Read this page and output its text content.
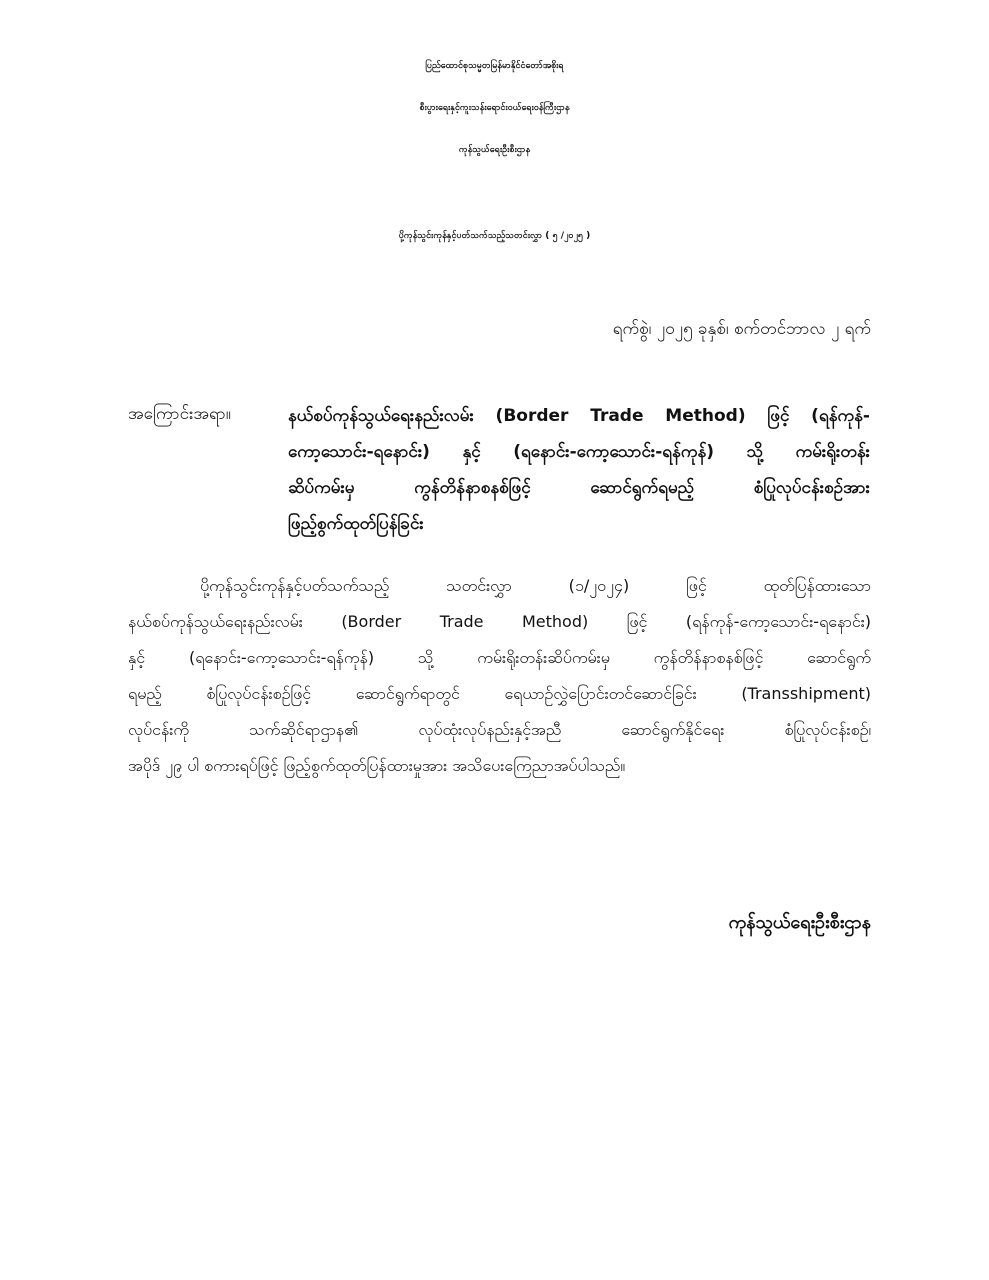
ပြည်ထောင်စုသမ္မတမြန်မာနိုင်ငံတော်အစိုးရ
စီးပွားရေးနှင့်ကူးသန်းရောင်းဝယ်ရေးဝန်ကြီးဌာန
ကုန်သွယ်ရေးဦးစီးဌာန
ပို့ကုန်သွင်းကုန်နှင့်ပတ်သက်သည့်သတင်းလွှာ ( ၅ /၂၀၂၅ )
ရက်စွဲ၊ ၂၀၂၅ ခုနှစ်၊ စက်တင်ဘာလ ၂ ရက်
အကြောင်းအရာ။	နယ်စပ်ကုန်သွယ်ရေးနည်းလမ်း (Border Trade Method) ဖြင့် (ရန်ကုန်-
ကော့သောင်း-ရနောင်း) နှင့် (ရနောင်း-ကော့သောင်း-ရန်ကုန်) သို့ ကမ်းရိုးတန်း
ဆိပ်ကမ်းမှ ကွန်တိန်နာစနစ်ဖြင့် ဆောင်ရွက်ရမည့် စံပြုလုပ်ငန်းစဉ်အား
ဖြည့်စွက်ထုတ်ပြန်ခြင်း
ပို့ကုန်သွင်းကုန်နှင့်ပတ်သက်သည့် သတင်းလွှာ (၁/၂၀၂၄) ဖြင့် ထုတ်ပြန်ထားသော
နယ်စပ်ကုန်သွယ်ရေးနည်းလမ်း (Border Trade Method) ဖြင့် (ရန်ကုန်-ကော့သောင်း-ရနောင်း)
နှင့် (ရနောင်း-ကော့သောင်း-ရန်ကုန်) သို့ ကမ်းရိုးတန်းဆိပ်ကမ်းမှ ကွန်တိန်နာစနစ်ဖြင့် ဆောင်ရွက်
ရမည့် စံပြုလုပ်ငန်းစဉ်ဖြင့် ဆောင်ရွက်ရာတွင် ရေယာဉ်လွှဲပြောင်းတင်ဆောင်ခြင်း (Transshipment)
လုပ်ငန်းကို သက်ဆိုင်ရာဌာန၏ လုပ်ထုံးလုပ်နည်းနှင့်အညီ ဆောင်ရွက်နိုင်ရေး စံပြုလုပ်ငန်းစဉ်၊
အပိုဒ် ၂၉ ပါ စကားရပ်ဖြင့် ဖြည့်စွက်ထုတ်ပြန်ထားမှုအား အသိပေးကြေညာအပ်ပါသည်။
ကုန်သွယ်ရေးဦးစီးဌာန
